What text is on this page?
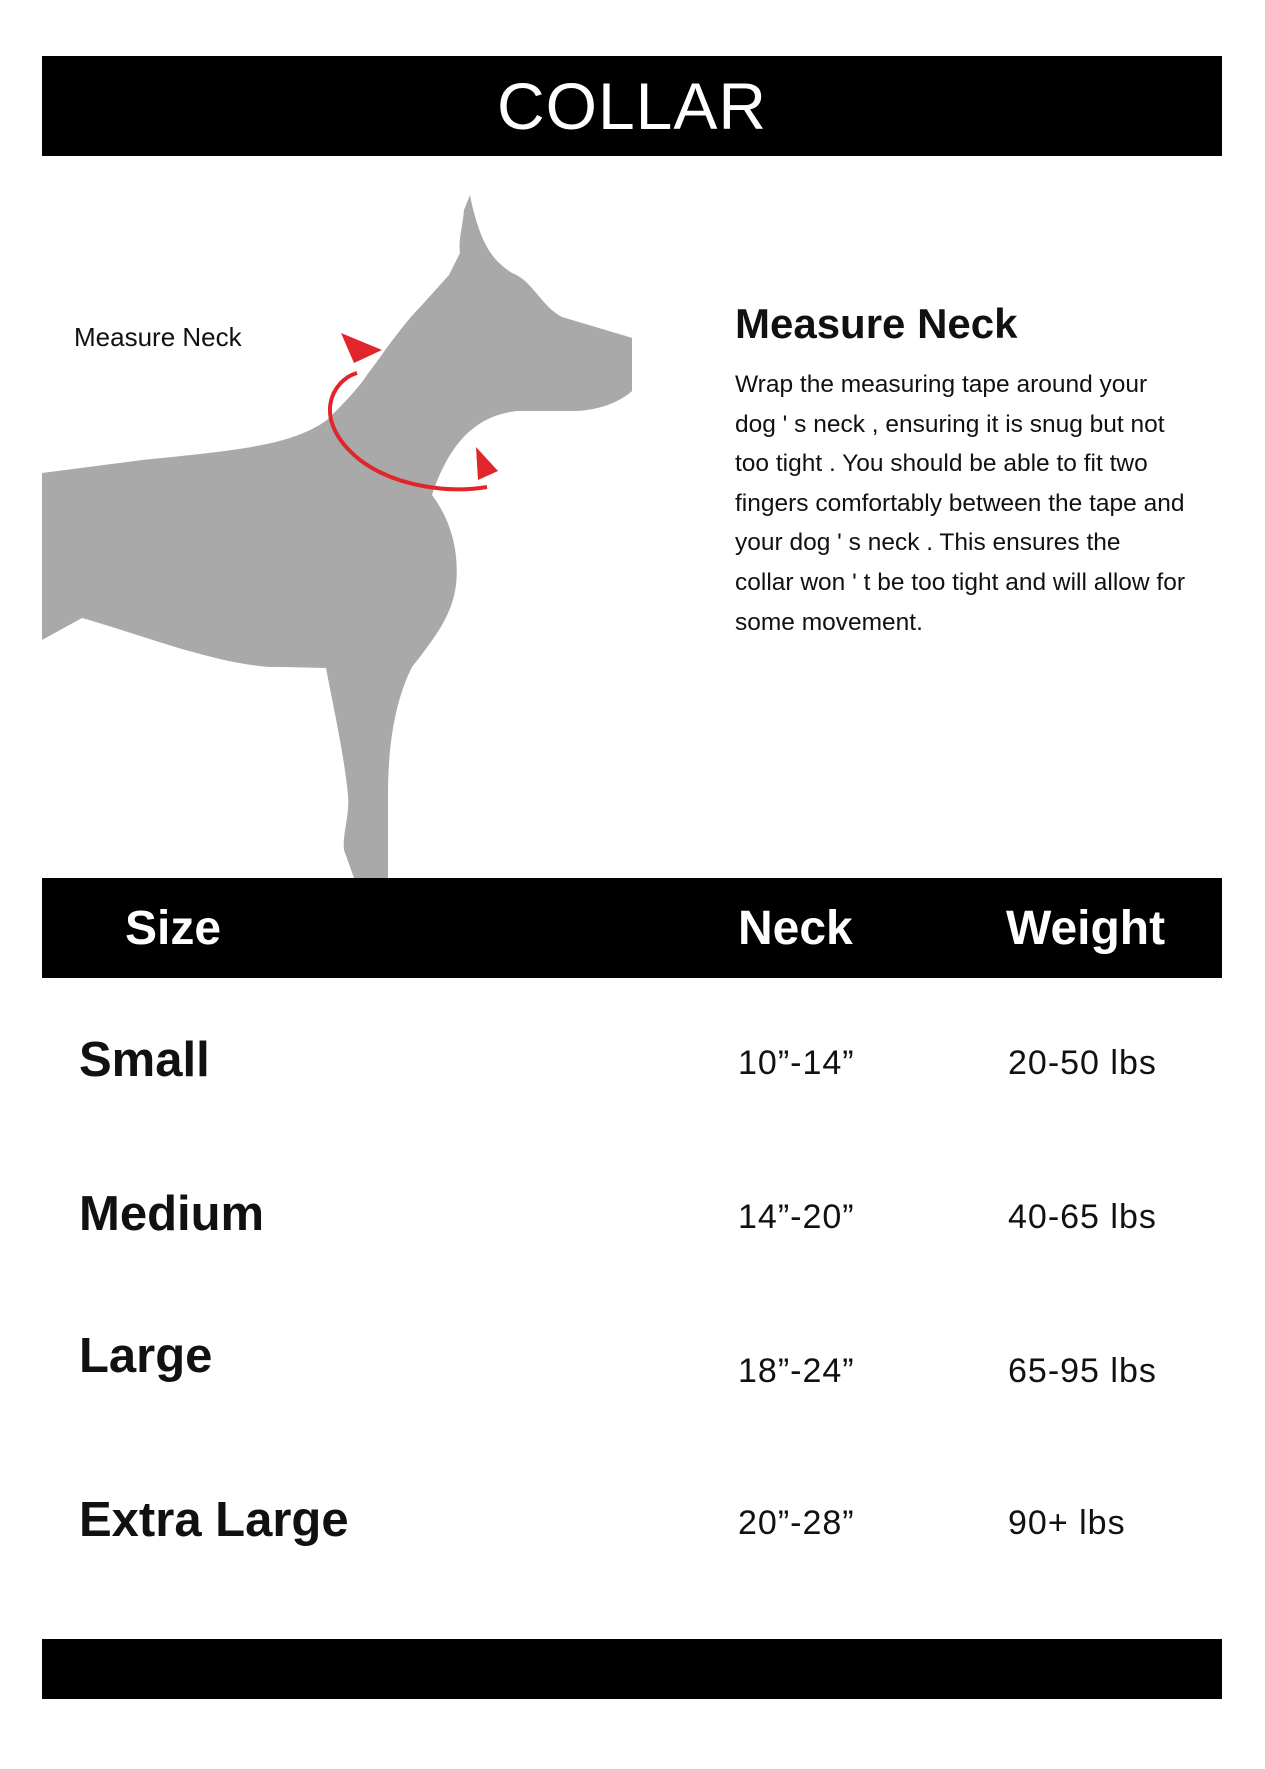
COLLAR
Measure Neck	Measure Neck
Wrap the measuring tape around your dog ' s neck , ensuring it is snug but not too tight . You should be able to fit two fingers comfortably between the tape and your dog ' s neck . This ensures the collar won ' t be too tight and will allow for some movement.
Size	Neck	Weight
Small	10”-14”	20-50 lbs
Medium	14”-20”	40-65 lbs
Large	18”-24”	65-95 lbs
Extra Large	20”-28”	90+ lbs
